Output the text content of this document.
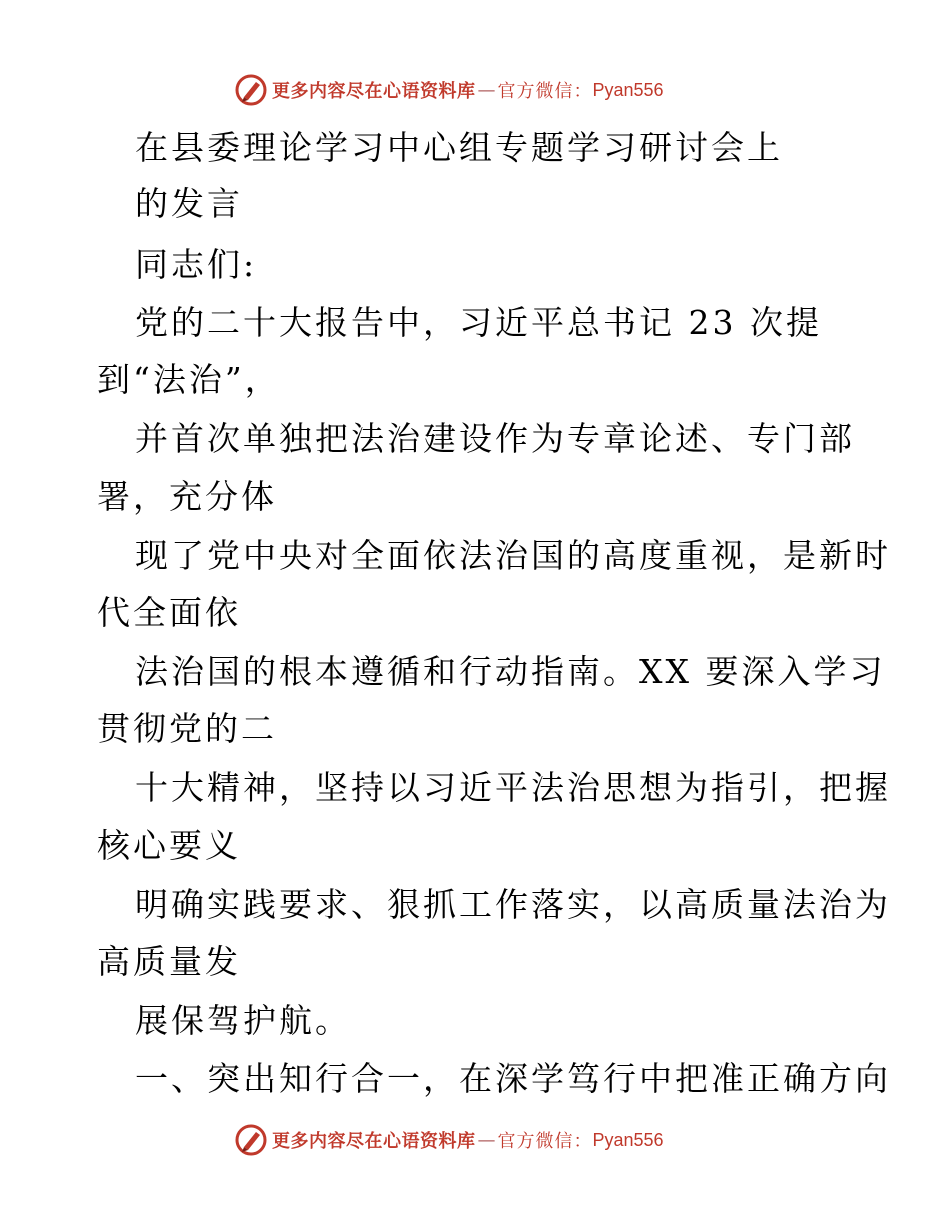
更多内容尽在心语资料库 — 官方微信： Pyan556
在县委理论学习中心组专题学习研讨会上
的发言
同志们:
党的二十大报告中，习近平总书记 23 次提
到“法治”，
并首次单独把法治建设作为专章论述、专门部
署，充分体
现了党中央对全面依法治国的高度重视，是新时
代全面依
法治国的根本遵循和行动指南。XX 要深入学习
贯彻党的二
十大精神，坚持以习近平法治思想为指引，把握
核心要义
明确实践要求、狠抓工作落实，以高质量法治为
高质量发
展保驾护航。
一、突出知行合一，在深学笃行中把准正确方向
更多内容尽在心语资料库 — 官方微信： Pyan556
